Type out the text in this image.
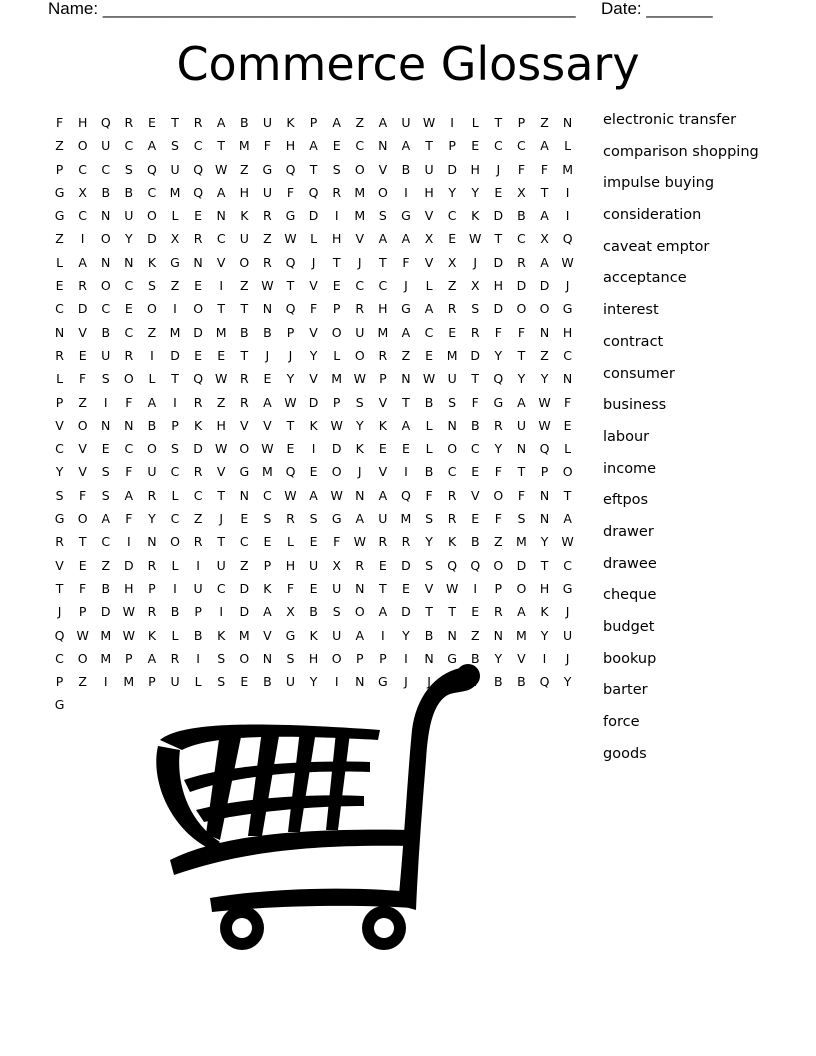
Name: __________________________________________________ Date: _______
Commerce Glossary
F	H	Q	R	E	T	R	A	B	U	K	P	A	Z	A	U W	I	L	T	P	Z	N
Z	O	U	C	A	S	C	T	M	F	H	A	E	C	N	A	T	P	E	C	C	A	L
P	C	C	S	Q	U	Q W	Z	G	Q	T	S	O	V	B	U	D	H	J	F	F	M
G	X	B	B	C	M	Q	A	H	U	F	Q	R	M	O	I	H	Y	Y	E	X	T	I
G	C	N	U	O	L	E	N	K	R	G	D	I	M	S	G	V	C	K	D	B	A	I
Z	I	O	Y	D	X	R	C	U	Z	W	L	H	V	A	A	X	E	W	T	C	X	Q
L	A	N	N	K	G	N	V	O	R	Q	J	T	J	T	F	V	X	J	D	R	A	W
E	R	O	C	S	Z	E	I	Z	W	T	V	E	C	C	J	L	Z	X	H	D	D	J
C	D	C	E	O	I	O	T	T	N	Q	F	P	R	H	G	A	R	S	D	O	O	G
N	V	B	C	Z	M	D	M	B	B	P	V	O	U	M	A	C	E	R	F	F	N	H
R	E	U	R	I	D	E	E	T	J	J	Y	L	O	R	Z	E	M	D	Y	T	Z	C
L	F	S	O	L	T	Q W	R	E	Y	V	M W	P	N W U	T	Q	Y	Y	N
P	Z	I	F	A	I	R	Z	R	A	W D	P	S	V	T	B	S	F	G	A	W	F
V	O	N	N	B	P	K	H	V	V	T	K	W	Y	K	A	L	N	B	R	U W	E
C	V	E	C	O	S	D W O W	E	I	D	K	E	E	L	O	C	Y	N	Q	L
Y	V	S	F	U	C	R	V	G	M	Q	E	O	J	V	I	B	C	E	F	T	P	O
S	F	S	A	R	L	C	T	N	C	W	A	W N	A	Q	F	R	V	O	F	N	T
G	O	A	F	Y	C	Z	J	E	S	R	S	G	A	U	M	S	R	E	F	S	N	A
R	T	C	I	N	O	R	T	C	E	L	E	F	W	R	R	Y	K	B	Z	M	Y	W
V	E	Z	D	R	L	I	U	Z	P	H	U	X	R	E	D	S	Q	Q	O	D	T	C
T	F	B	H	P	I	U	C	D	K	F	E	U	N	T	E	V	W	I	P	O	H	G
J	P	D W	R	B	P	I	D	A	X	B	S	O	A	D	T	T	E	R	A	K	J
Q W M W	K	L	B	K	M	V	G	K	U	A	I	Y	B	N	Z	N	M	Y	U
C	O	M	P	A	R	I	S	O	N	S	H	O	P	P	I	N	G	B	Y	V	I	J
P	Z	I	M	P	U	L	S	E	B	U	Y	I	N	G	J	J	B	B	Q	Y
G
electronic transfer
comparison shopping
impulse buying
consideration
caveat emptor
acceptance
interest
contract
consumer
business
labour
income
eftpos
drawer
drawee
cheque
budget
bookup
barter
force
goods
